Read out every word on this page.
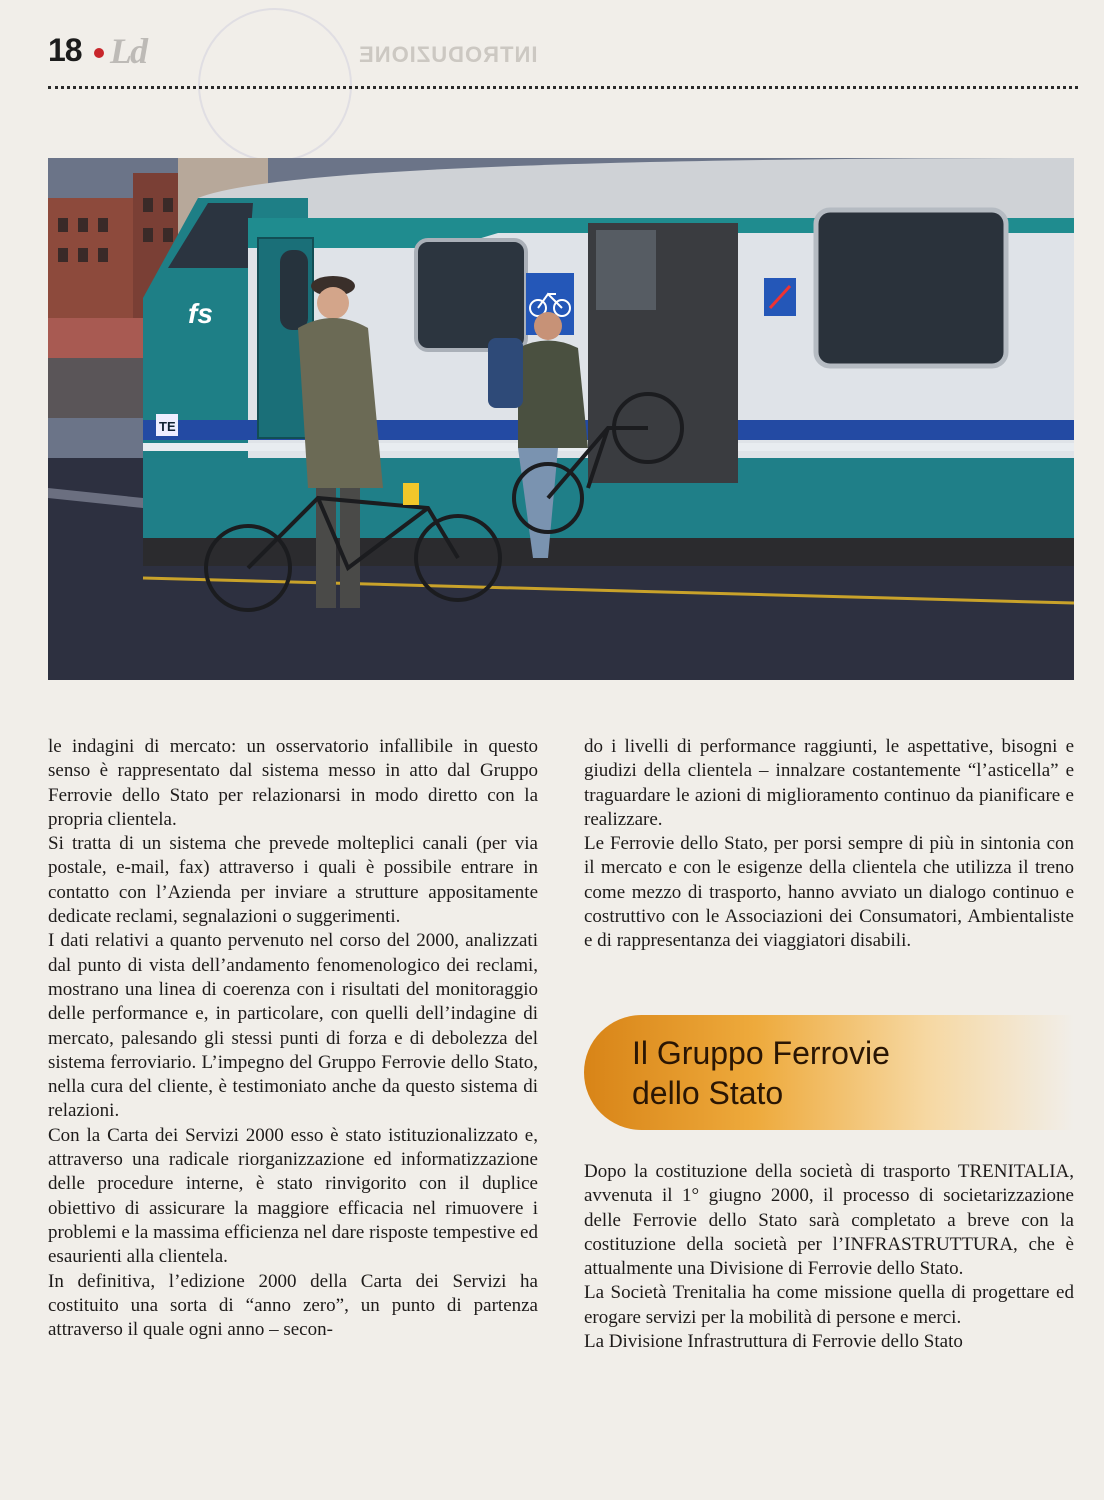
18 Ld	INTRODUZIONE
fs
TE

le indagini di mercato: un osservatorio infallibile in questo senso è rappresentato dal sistema messo in atto dal Gruppo Ferrovie dello Stato per relazionarsi in modo diretto con la propria clientela.

Si tratta di un sistema che prevede molteplici canali (per via postale, e-mail, fax) attraverso i quali è possibile entrare in contatto con l’Azienda per inviare a strutture appositamente dedicate reclami, segnalazioni o suggerimenti.

I dati relativi a quanto pervenuto nel corso del 2000, analizzati dal punto di vista dell’andamento fenomenologico dei reclami, mostrano una linea di coerenza con i risultati del monitoraggio delle performance e, in particolare, con quelli dell’indagine di mercato, palesando gli stessi punti di forza e di debolezza del sistema ferroviario. L’impegno del Gruppo Ferrovie dello Stato, nella cura del cliente, è testimoniato anche da questo sistema di relazioni.

Con la Carta dei Servizi 2000 esso è stato istituzionalizzato e, attraverso una radicale riorganizzazione ed informatizzazione delle procedure interne, è stato rinvigorito con il duplice obiettivo di assicurare la maggiore efficacia nel rimuovere i problemi e la massima efficienza nel dare risposte tempestive ed esaurienti alla clientela.

In definitiva, l’edizione 2000 della Carta dei Servizi ha costituito una sorta di “anno zero”, un punto di partenza attraverso il quale ogni anno – secon-

do i livelli di performance raggiunti, le aspettative, bisogni e giudizi della clientela – innalzare costantemente “l’asticella” e traguardare le azioni di miglioramento continuo da pianificare e realizzare.

Le Ferrovie dello Stato, per porsi sempre di più in sintonia con il mercato e con le esigenze della clientela che utilizza il treno come mezzo di trasporto, hanno avviato un dialogo continuo e costruttivo con le Associazioni dei Consumatori, Ambientaliste e di rappresentanza dei viaggiatori disabili.

Il Gruppo Ferrovie
dello Stato

Dopo la costituzione della società di trasporto TRENITALIA, avvenuta il 1° giugno 2000, il processo di societarizzazione delle Ferrovie dello Stato sarà completato a breve con la costituzione della società per l’INFRASTRUTTURA, che è attualmente una Divisione di Ferrovie dello Stato.

La Società Trenitalia ha come missione quella di progettare ed erogare servizi per la mobilità di persone e merci.

La Divisione Infrastruttura di Ferrovie dello Stato
